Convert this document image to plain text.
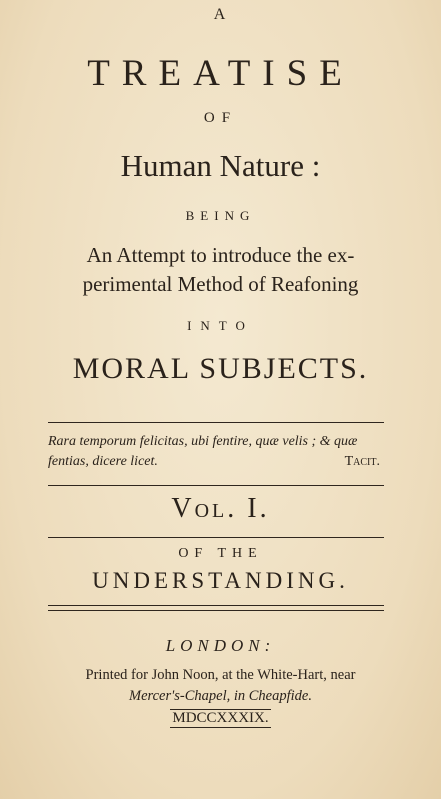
A
TREATISE
OF
Human Nature :
BEING
An Attempt to introduce the ex-
perimental Method of Reafoning
INTO
MORAL SUBJECTS.
Rara temporum felicitas, ubi fentire, quæ velis ; & quæ
fentias, dicere licet.	Tacit.
Vol. I.
OF THE
UNDERSTANDING.
LONDON:
Printed for John Noon, at the White-Hart, near
Mercer's-Chapel, in Cheapfide.
MDCCXXXIX.
